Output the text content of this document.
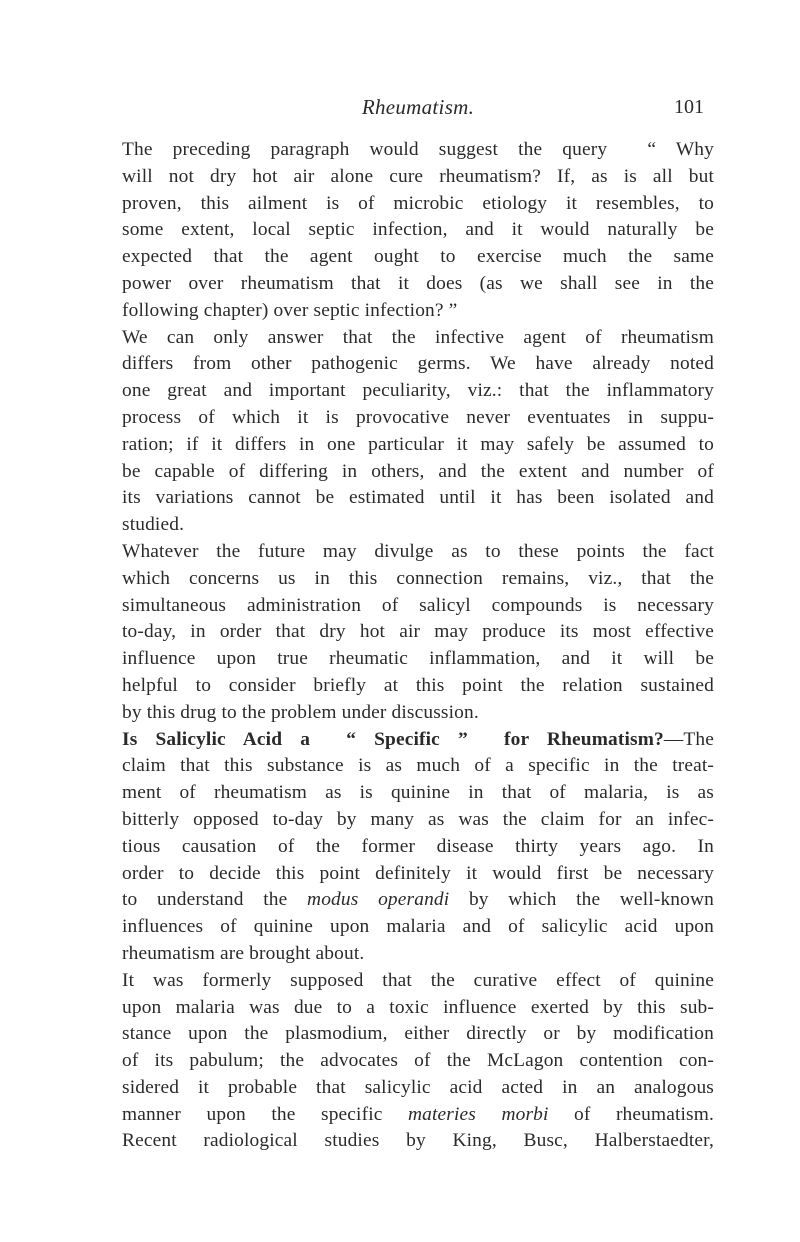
Rheumatism.	101
The preceding paragraph would suggest the query  “ Why
will not dry hot air alone cure rheumatism? If, as is all but
proven, this ailment is of microbic etiology it resembles, to
some extent, local septic infection, and it would naturally be
expected that the agent ought to exercise much the same
power over rheumatism that it does (as we shall see in the
following chapter) over septic infection? ”
We can only answer that the infective agent of rheumatism
differs from other pathogenic germs. We have already noted
one great and important peculiarity, viz.: that the inflammatory
process of which it is provocative never eventuates in suppu-
ration; if it differs in one particular it may safely be assumed to
be capable of differing in others, and the extent and number of
its variations cannot be estimated until it has been isolated and
studied.
Whatever the future may divulge as to these points the fact
which concerns us in this connection remains, viz., that the
simultaneous administration of salicyl compounds is necessary
to-day, in order that dry hot air may produce its most effective
influence upon true rheumatic inflammation, and it will be
helpful to consider briefly at this point the relation sustained
by this drug to the problem under discussion.
Is Salicylic Acid a  “ Specific ”  for Rheumatism?—The
claim that this substance is as much of a specific in the treat-
ment of rheumatism as is quinine in that of malaria, is as
bitterly opposed to-day by many as was the claim for an infec-
tious causation of the former disease thirty years ago. In
order to decide this point definitely it would first be necessary
to understand the modus operandi by which the well-known
influences of quinine upon malaria and of salicylic acid upon
rheumatism are brought about.
It was formerly supposed that the curative effect of quinine
upon malaria was due to a toxic influence exerted by this sub-
stance upon the plasmodium, either directly or by modification
of its pabulum; the advocates of the McLagon contention con-
sidered it probable that salicylic acid acted in an analogous
manner upon the specific materies morbi of rheumatism.
Recent radiological studies by King, Busc, Halberstaedter,
